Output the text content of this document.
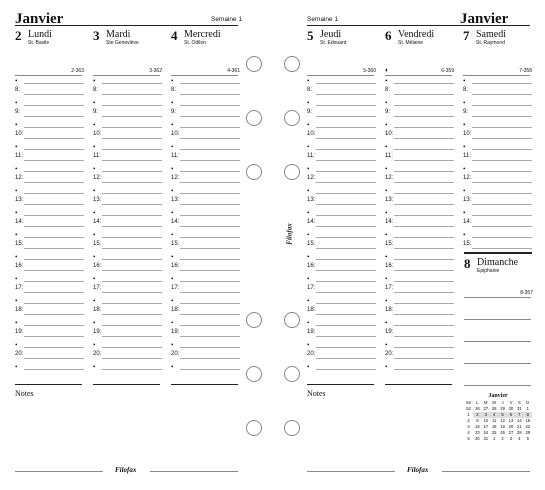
Janvier	Semaine 1	Semaine 1	Janvier
2 Lundi
St. Basile
2-363
•
8:
•
9:
•
10:
•
11:
•
12:
•
13:
•
14:
•
15:
•
16:
•
17:
•
18:
•
19:
•
20:
•
3 Mardi
Ste Geneviève
3-362
•
8:
•
9:
•
10:
•
11:
•
12:
•
13:
•
14:
•
15:
•
16:
•
17:
•
18:
•
19:
•
20:
•
4 Mercredi
St. Odilon
4-361
•
8:
•
9:
•
10:
•
11:
•
12:
•
13:
•
14:
•
15:
•
16:
•
17:
•
18:
•
19:
•
20:
•
5 Jeudi
St. Edouard
5-360
•
8:
•
9:
•
10:
•
11:
•
12:
•
13:
•
14:
•
15:
•
16:
•
17:
•
18:
•
19:
•
20:
•
6 Vendredi
St. Mélaine
◐	6-359
•
8:
•
9:
•
10:
•
11:
•
12:
•
13:
•
14:
•
15:
•
16:
•
17:
•
18:
•
19:
•
20:
•
7 Samedi
St. Raymond
7-358
•
8:
•
9:
•
10:
•
11:
•
12:
•
13:
•
14:
•
15:
8 Dimanche
Epiphanie
8-357
Filofax
Notes	Notes
Filofax	Filofax
Janvier
Se	L	M	M	J	V	S	D
52	26	27	28	29	30	31	1
1	2	3	4	5	6	7	8
2	9	10	11	12	13	14	15
3	16	17	18	19	20	21	22
4	23	24	25	26	27	28	29
5	30	31	1	2	3	4	5
